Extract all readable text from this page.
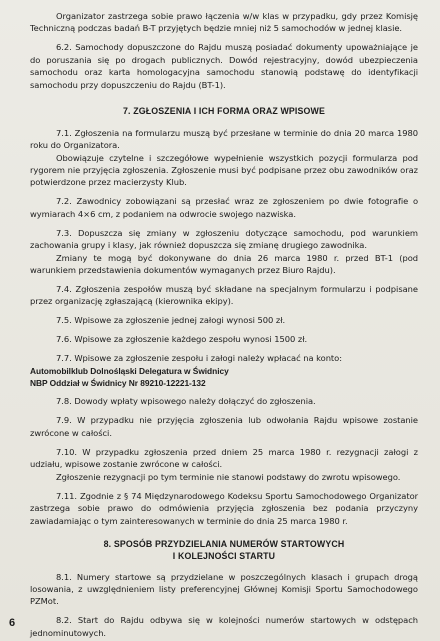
Organizator zastrzega sobie prawo łączenia w/w klas w przypadku, gdy przez Komisję Techniczną podczas badań B-T przyjętych będzie mniej niż 5 samochodów w jednej klasie.

6.2. Samochody dopuszczone do Rajdu muszą posiadać dokumenty upoważniające je do poruszania się po drogach publicznych. Dowód rejestracyjny, dowód ubezpieczenia samochodu oraz karta homologacyjna samochodu stanowią podstawę do identyfikacji samochodu przy dopuszczeniu do Rajdu (BT-1).

7. ZGŁOSZENIA I ICH FORMA ORAZ WPISOWE

7.1. Zgłoszenia na formularzu muszą być przesłane w terminie do dnia 20 marca 1980 roku do Organizatora.

Obowiązuje czytelne i szczegółowe wypełnienie wszystkich pozycji formularza pod rygorem nie przyjęcia zgłoszenia. Zgłoszenie musi być podpisane przez obu zawodników oraz potwierdzone przez macierzysty Klub.

7.2. Zawodnicy zobowiązani są przesłać wraz ze zgłoszeniem po dwie fotografie o wymiarach 4×6 cm, z podaniem na odwrocie swojego nazwiska.

7.3. Dopuszcza się zmiany w zgłoszeniu dotyczące samochodu, pod warunkiem zachowania grupy i klasy, jak również dopuszcza się zmianę drugiego zawodnika.

Zmiany te mogą być dokonywane do dnia 26 marca 1980 r. przed BT-1 (pod warunkiem przedstawienia dokumentów wymaganych przez Biuro Rajdu).

7.4. Zgłoszenia zespołów muszą być składane na specjalnym formularzu i podpisane przez organizację zgłaszającą (kierownika ekipy).

7.5. Wpisowe za zgłoszenie jednej załogi wynosi 500 zł.

7.6. Wpisowe za zgłoszenie każdego zespołu wynosi 1500 zł.

7.7. Wpisowe za zgłoszenie zespołu i załogi należy wpłacać na konto:

Automobilklub Dolnośląski Delegatura w Świdnicy

NBP Oddział w Świdnicy Nr 89210-12221-132

7.8. Dowody wpłaty wpisowego należy dołączyć do zgłoszenia.

7.9. W przypadku nie przyjęcia zgłoszenia lub odwołania Rajdu wpisowe zostanie zwrócone w całości.

7.10. W przypadku zgłoszenia przed dniem 25 marca 1980 r. rezygnacji załogi z udziału, wpisowe zostanie zwrócone w całości.

Zgłoszenie rezygnacji po tym terminie nie stanowi podstawy do zwrotu wpisowego.

7.11. Zgodnie z § 74 Międzynarodowego Kodeksu Sportu Samochodowego Organizator zastrzega sobie prawo do odmówienia przyjęcia zgłoszenia bez podania przyczyny zawiadamiając o tym zainteresowanych w terminie do dnia 25 marca 1980 r.

8. SPOSÓB PRZYDZIELANIA NUMERÓW STARTOWYCH
I KOLEJNOŚCI STARTU

8.1. Numery startowe są przydzielane w poszczególnych klasach i grupach drogą losowania, z uwzględnieniem listy preferencyjnej Głównej Komisji Sportu Samochodowego PZMot.

8.2. Start do Rajdu odbywa się w kolejności numerów startowych w odstępach jednominutowych.

6
